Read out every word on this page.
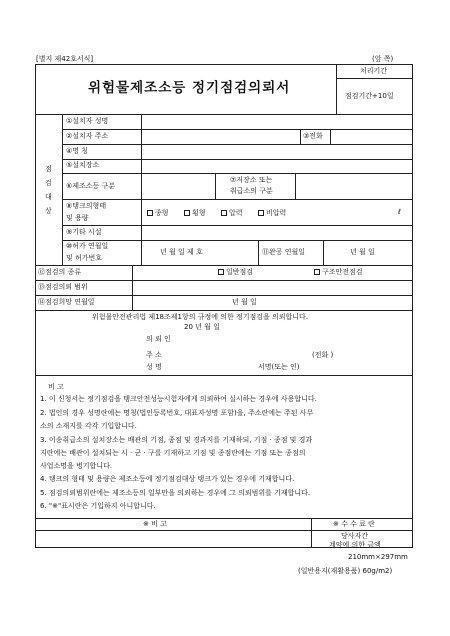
[별지 제42호서식]	(앞 쪽)
위험물제조소등 정기점검의뢰서
처리기간
점검기간+10일
점
검
대
상
①설치자 성명
②설치자 주소	③전화
④명 칭
⑤설치장소
⑥제조소등 구분
⑦저장소 또는
취급소의 구분
⑧탱크의형태
및 용량
종형	횡형	압력	비압력	ℓ
⑨기타 시설
⑩허가 연월일
및 허가번호
년 월 일 제 호	⑪완공 연월일	년 월 일
⑫점검의 종류	일반점검	구조안전점검
⑬점검의뢰 범위
⑭점검희망 연월일	년 월 일
위험물안전관리법 제18조제1항의 규정에 의한 정기점검을 의뢰합니다.
20 년 월 일
의 뢰 인
주 소	(전화 )
성 명	서명(또는 인)
비 고
1. 이 신청서는 정기점검을 탱크안전성능시험자에게 의뢰하여 실시하는 경우에 사용합니다.
2. 법인의 경우 성명란에는 명칭(법인등록번호, 대표자성명 포함)을, 주소란에는 주된 사무
소의 소재지를 각각 기입합니다.
3. 이송취급소의 설치장소는 배관의 기점, 종점 및 경과지를 기재하되, 기점 · 종점 및 경과
지란에는 배관이 설치되는 시 · 군 · 구를 기재하고 기점 및 종점란에는 기점 또는 종점의
사업소명을 병기합니다.
4. 탱크의 형태 및 용량은 제조소등에 정기점검대상 탱크가 있는 경우에 기재합니다.
5. 점검의뢰범위란에는 제조소등의 일부만을 의뢰하는 경우에 그 의뢰범위를 기재합니다.
6. "※"표시란은 기입하지 아니합니다.
※ 비 고	※ 수 수 료 란
당사자간
계약에 의한 금액
210mm×297mm
(일반용지(재활용품) 60g/m2)
